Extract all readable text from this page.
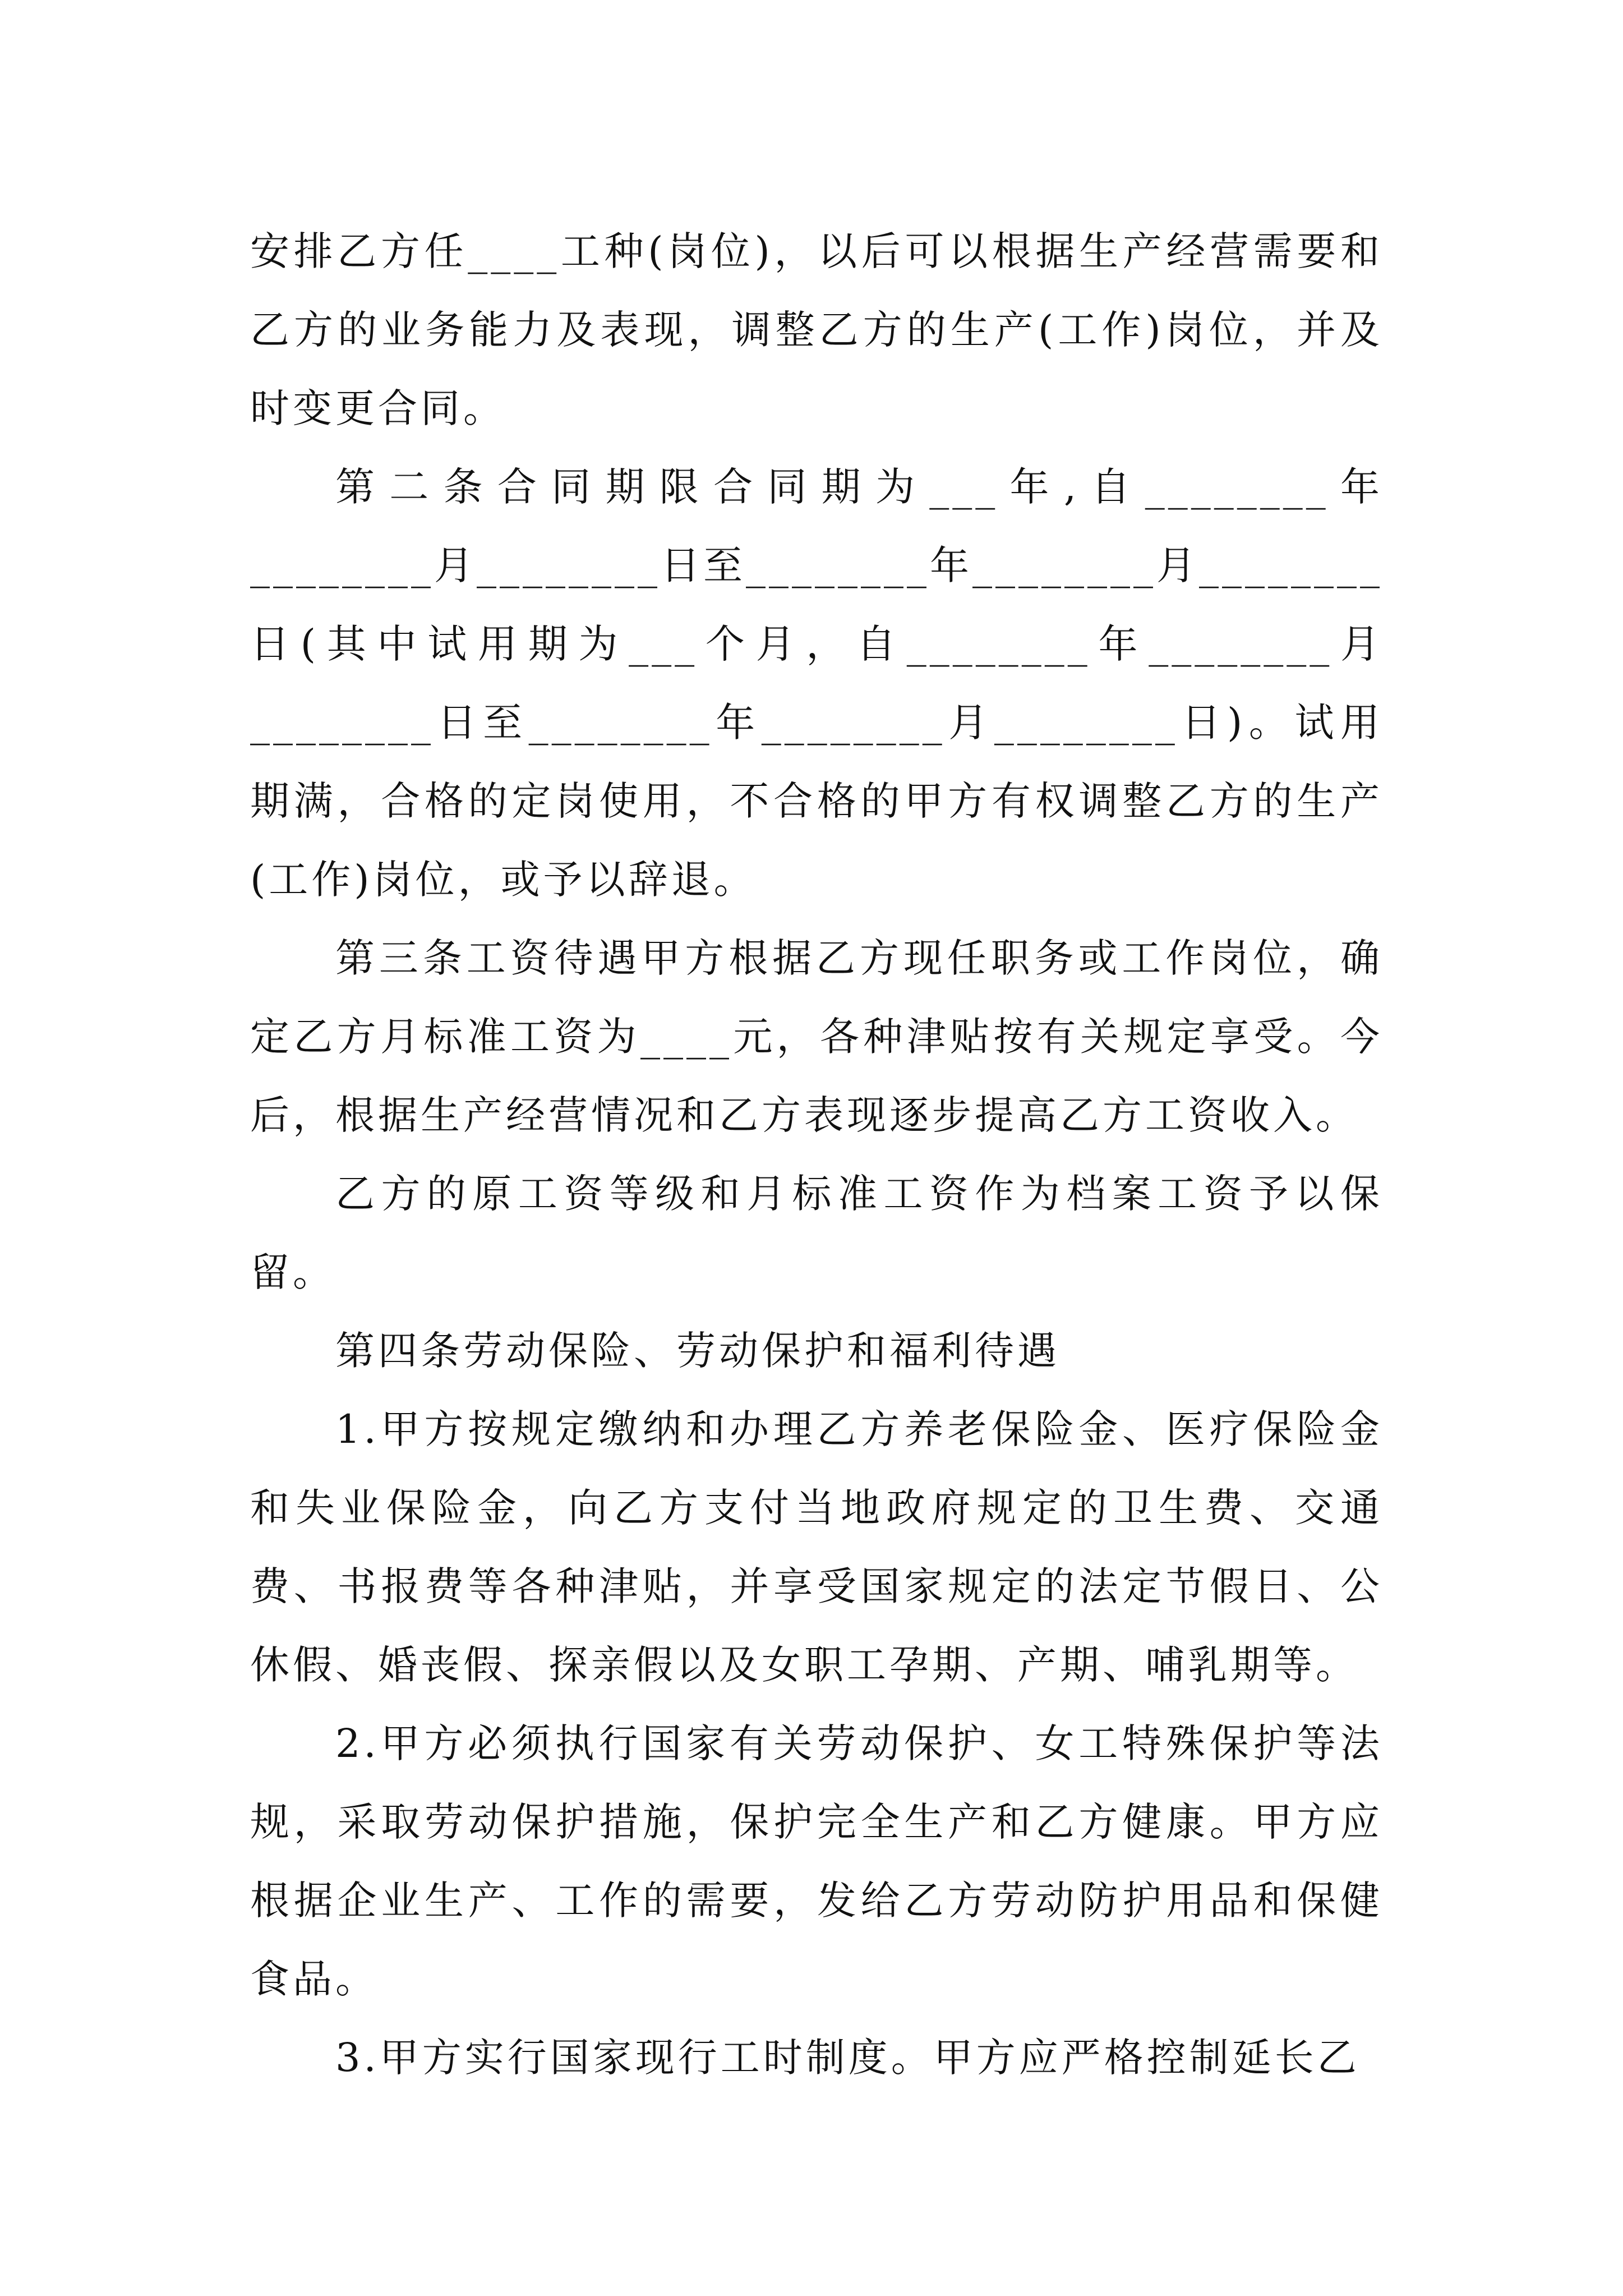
安排乙方任____工种(岗位)，以后可以根据生产经营需要和乙方的业务能力及表现，调整乙方的生产(工作)岗位，并及时变更合同。

第二条合同期限合同期为___年,自________年________月________日至________年________月________日(其中试用期为___个月，自________年________月________日至________年________月________日)。试用期满，合格的定岗使用，不合格的甲方有权调整乙方的生产(工作)岗位，或予以辞退。

第三条工资待遇甲方根据乙方现任职务或工作岗位，确定乙方月标准工资为____元，各种津贴按有关规定享受。今后，根据生产经营情况和乙方表现逐步提高乙方工资收入。

乙方的原工资等级和月标准工资作为档案工资予以保留。

第四条劳动保险、劳动保护和福利待遇

1.甲方按规定缴纳和办理乙方养老保险金、医疗保险金和失业保险金，向乙方支付当地政府规定的卫生费、交通费、书报费等各种津贴，并享受国家规定的法定节假日、公休假、婚丧假、探亲假以及女职工孕期、产期、哺乳期等。

2.甲方必须执行国家有关劳动保护、女工特殊保护等法规，采取劳动保护措施，保护完全生产和乙方健康。甲方应根据企业生产、工作的需要，发给乙方劳动防护用品和保健食品。

3.甲方实行国家现行工时制度。甲方应严格控制延长乙
